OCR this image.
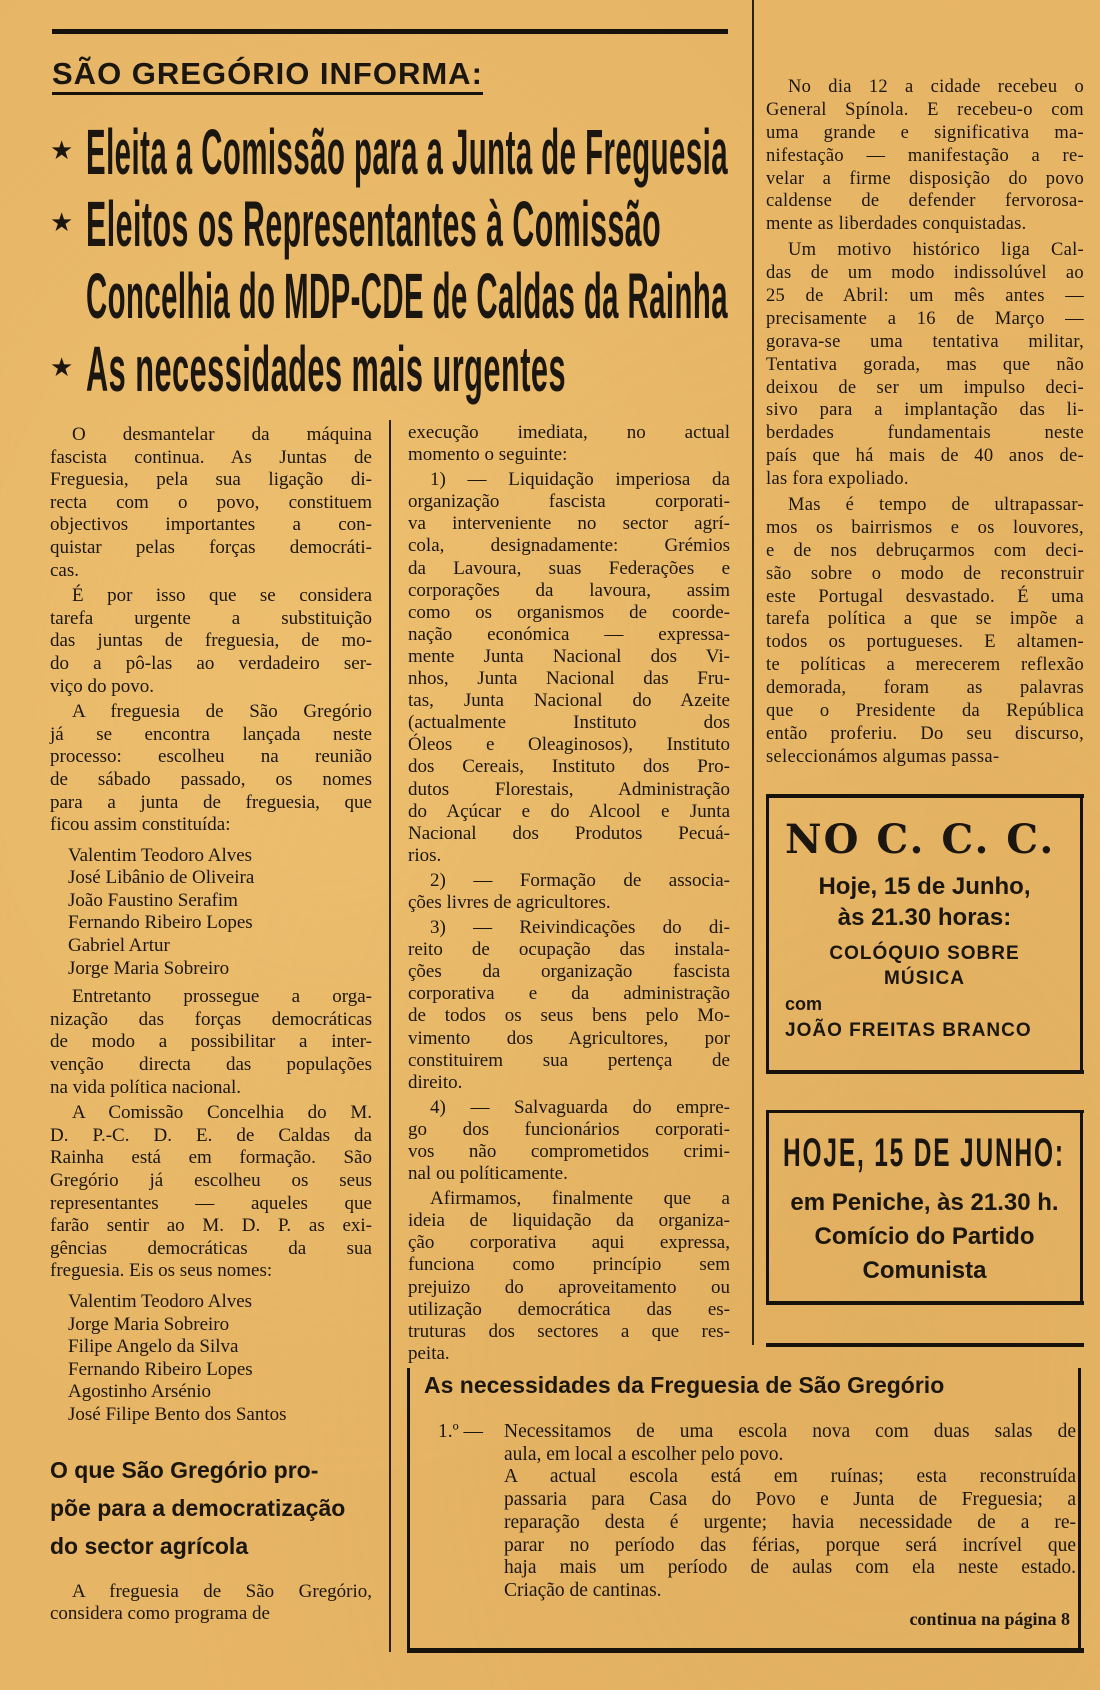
SÃO GREGÓRIO INFORMA:
★ Eleita a Comissão para a Junta de Freguesia
★ Eleitos os Representantes à Comissão
Concelhia do MDP-CDE de Caldas da Rainha
★ As necessidades mais urgentes
O desmantelar da máquina
fascista continua. As Juntas de
Freguesia, pela sua ligação di-
recta com o povo, constituem
objectivos importantes a con-
quistar pelas forças democráti-
cas.
É por isso que se considera
tarefa urgente a substituição
das juntas de freguesia, de mo-
do a pô-las ao verdadeiro ser-
viço do povo.
A freguesia de São Gregório
já se encontra lançada neste
processo: escolheu na reunião
de sábado passado, os nomes
para a junta de freguesia, que
ficou assim constituída:
Valentim Teodoro Alves
José Libânio de Oliveira
João Faustino Serafim
Fernando Ribeiro Lopes
Gabriel Artur
Jorge Maria Sobreiro
Entretanto prossegue a orga-
nização das forças democráticas
de modo a possibilitar a inter-
venção directa das populações
na vida política nacional.
A Comissão Concelhia do M.
D. P.-C. D. E. de Caldas da
Rainha está em formação. São
Gregório já escolheu os seus
representantes — aqueles que
farão sentir ao M. D. P. as exi-
gências democráticas da sua
freguesia. Eis os seus nomes:
Valentim Teodoro Alves
Jorge Maria Sobreiro
Filipe Angelo da Silva
Fernando Ribeiro Lopes
Agostinho Arsénio
José Filipe Bento dos Santos
O que São Gregório pro-
põe para a democratização
do sector agrícola
A freguesia de São Gregório,
considera como programa de
execução imediata, no actual
momento o seguinte:
1) — Liquidação imperiosa da
organização fascista corporati-
va interveniente no sector agrí-
cola, designadamente: Grémios
da Lavoura, suas Federações e
corporações da lavoura, assim
como os organismos de coorde-
nação económica — expressa-
mente Junta Nacional dos Vi-
nhos, Junta Nacional das Fru-
tas, Junta Nacional do Azeite
(actualmente Instituto dos
Óleos e Oleaginosos), Instituto
dos Cereais, Instituto dos Pro-
dutos Florestais, Administração
do Açúcar e do Alcool e Junta
Nacional dos Produtos Pecuá-
rios.
2) — Formação de associa-
ções livres de agricultores.
3) — Reivindicações do di-
reito de ocupação das instala-
ções da organização fascista
corporativa e da administração
de todos os seus bens pelo Mo-
vimento dos Agricultores, por
constituirem sua pertença de
direito.
4) — Salvaguarda do empre-
go dos funcionários corporati-
vos não comprometidos crimi-
nal ou políticamente.
Afirmamos, finalmente que a
ideia de liquidação da organiza-
ção corporativa aqui expressa,
funciona como princípio sem
prejuizo do aproveitamento ou
utilização democrática das es-
truturas dos sectores a que res-
peita.
No dia 12 a cidade recebeu o
General Spínola. E recebeu-o com
uma grande e significativa ma-
nifestação — manifestação a re-
velar a firme disposição do povo
caldense de defender fervorosa-
mente as liberdades conquistadas.
Um motivo histórico liga Cal-
das de um modo indissolúvel ao
25 de Abril: um mês antes —
precisamente a 16 de Março —
gorava-se uma tentativa militar,
Tentativa gorada, mas que não
deixou de ser um impulso deci-
sivo para a implantação das li-
berdades fundamentais neste
país que há mais de 40 anos de-
las fora expoliado.
Mas é tempo de ultrapassar-
mos os bairrismos e os louvores,
e de nos debruçarmos com deci-
são sobre o modo de reconstruir
este Portugal desvastado. É uma
tarefa política a que se impõe a
todos os portugueses. E altamen-
te políticas a merecerem reflexão
demorada, foram as palavras
que o Presidente da República
então proferiu. Do seu discurso,
seleccionámos algumas passa-
NO C. C. C.
Hoje, 15 de Junho,
às 21.30 horas:
COLÓQUIO SOBRE
MÚSICA
com
JOÃO FREITAS BRANCO
HOJE, 15 DE JUNHO:
em Peniche, às 21.30 h.
Comício do Partido
Comunista
As necessidades da Freguesia de São Gregório
1.º — Necessitamos de uma escola nova com duas salas de
aula, em local a escolher pelo povo.
A actual escola está em ruínas; esta reconstruída
passaria para Casa do Povo e Junta de Freguesia; a
reparação desta é urgente; havia necessidade de a re-
parar no período das férias, porque será incrível que
haja mais um período de aulas com ela neste estado.
Criação de cantinas.
continua na página 8
